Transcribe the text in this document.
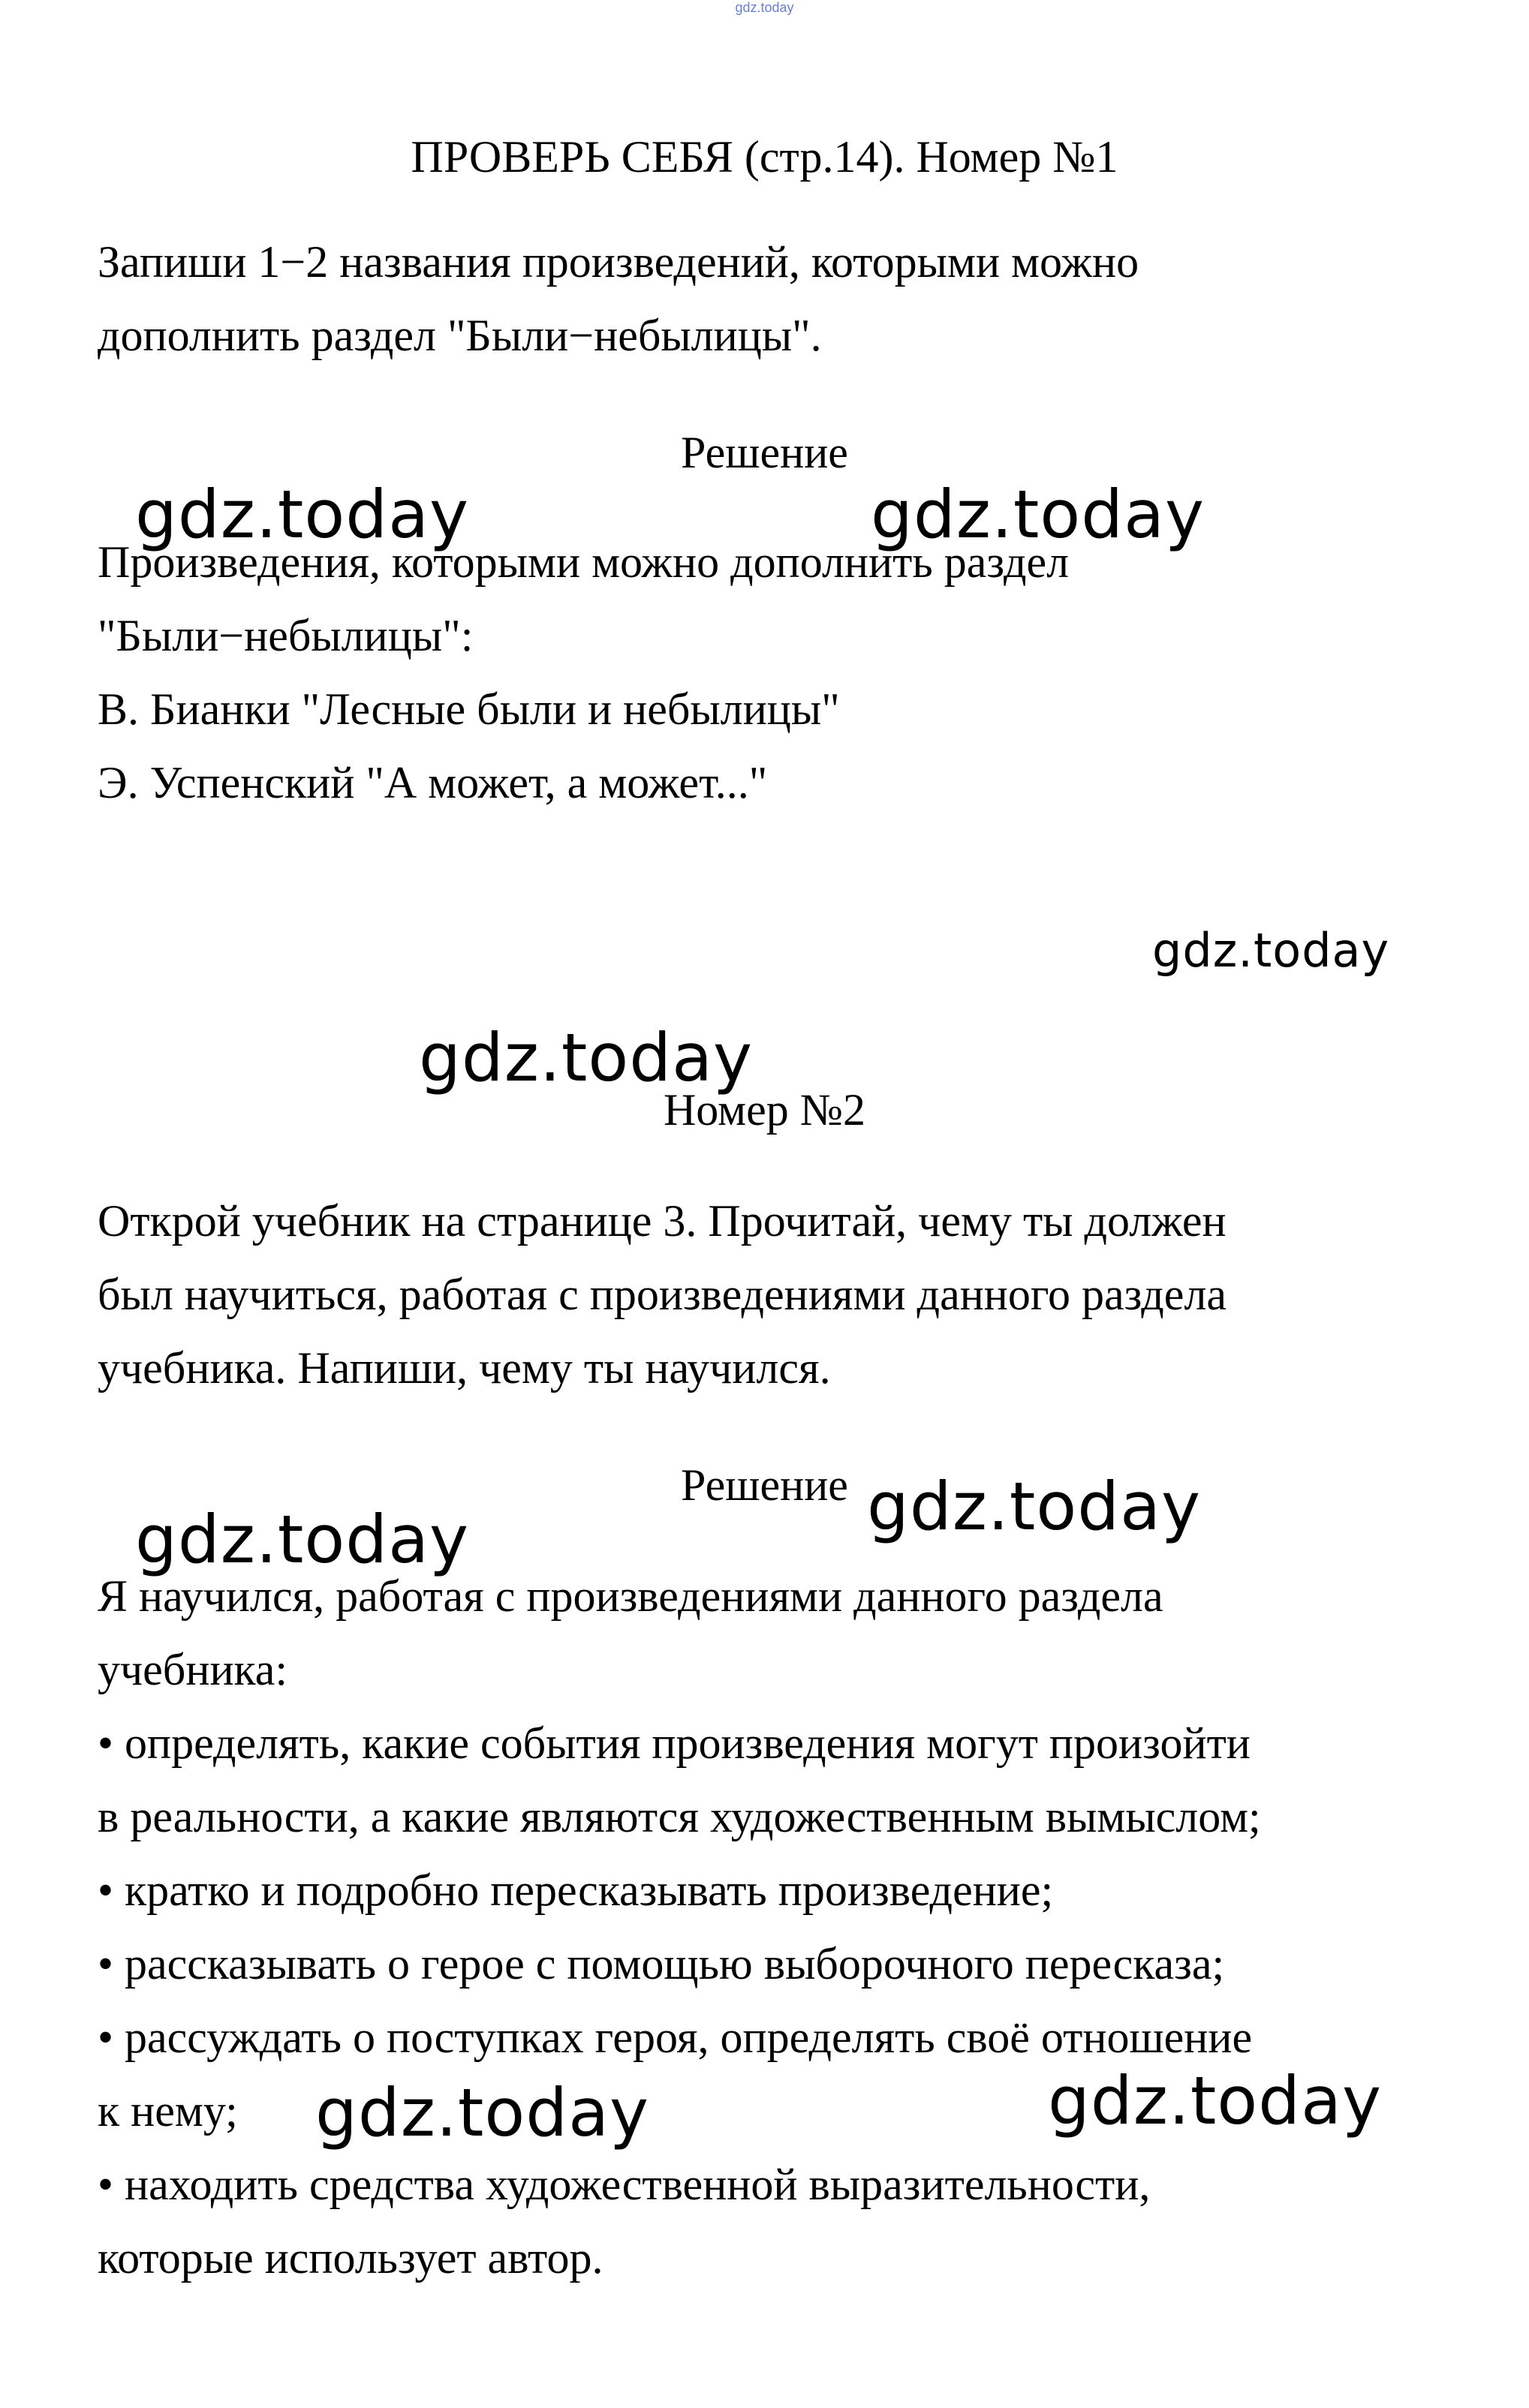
gdz.today
ПРОВЕРЬ СЕБЯ (стр.14). Номер №1
Запиши 1−2 названия произведений, которыми можно
дополнить раздел "Были−небылицы".
Решение
Произведения, которыми можно дополнить раздел
"Были−небылицы":
В. Бианки "Лесные были и небылицы"
Э. Успенский "А может, а может..."
Номер №2
Открой учебник на странице 3. Прочитай, чему ты должен
был научиться, работая с произведениями данного раздела
учебника. Напиши, чему ты научился.
Решение
Я научился, работая с произведениями данного раздела
учебника:
• определять, какие события произведения могут произойти
в реальности, а какие являются художественным вымыслом;
• кратко и подробно пересказывать произведение;
• рассказывать о герое с помощью выборочного пересказа;
• рассуждать о поступках героя, определять своё отношение
к нему;
• находить средства художественной выразительности,
которые использует автор.
gdz.today	gdz.today
gdz.today
gdz.today
gdz.today
gdz.today
gdz.today	gdz.today
